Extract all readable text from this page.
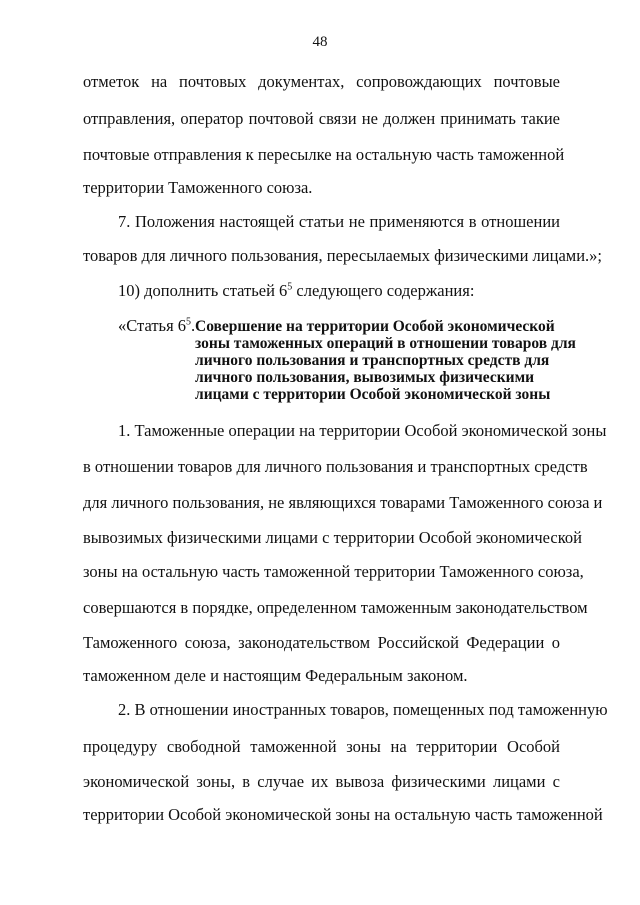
48
отметок на почтовых документах, сопровождающих почтовые
отправления, оператор почтовой связи не должен принимать такие
почтовые отправления к пересылке на остальную часть таможенной
территории Таможенного союза.
7. Положения настоящей статьи не применяются в отношении
товаров для личного пользования, пересылаемых физическими лицами.»;
10) дополнить статьей $6^5$ следующего содержания:
«Статья $6^5$. Совершение на территории Особой экономической
зоны таможенных операций в отношении товаров для
личного пользования и транспортных средств для
личного пользования, вывозимых физическими
лицами с территории Особой экономической зоны
1. Таможенные операции на территории Особой экономической зоны
в отношении товаров для личного пользования и транспортных средств
для личного пользования, не являющихся товарами Таможенного союза и
вывозимых физическими лицами с территории Особой экономической
зоны на остальную часть таможенной территории Таможенного союза,
совершаются в порядке, определенном таможенным законодательством
Таможенного союза, законодательством Российской Федерации о
таможенном деле и настоящим Федеральным законом.
2. В отношении иностранных товаров, помещенных под таможенную
процедуру свободной таможенной зоны на территории Особой
экономической зоны, в случае их вывоза физическими лицами с
территории Особой экономической зоны на остальную часть таможенной
